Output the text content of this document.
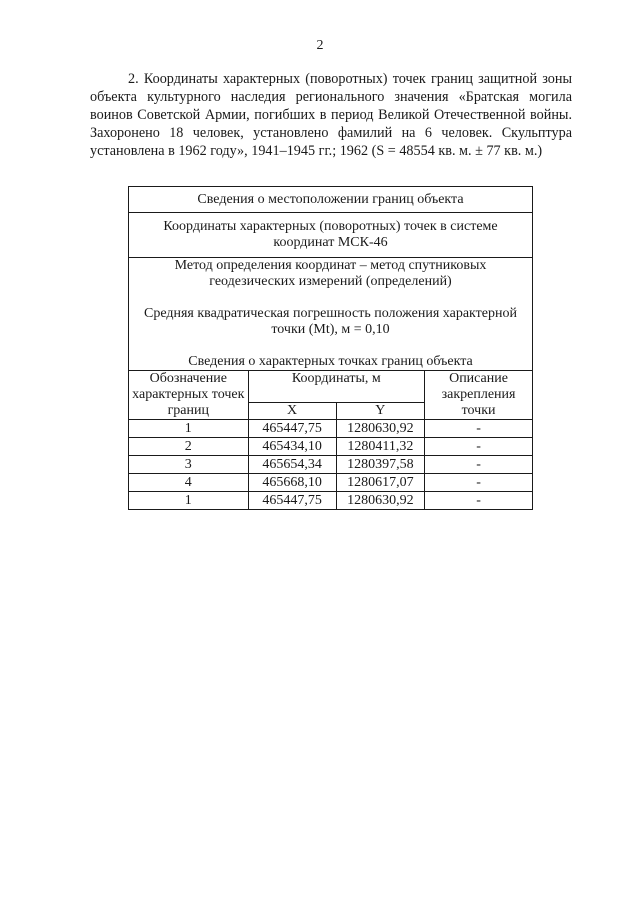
2

2. Координаты характерных (поворотных) точек границ защитной зоны объекта культурного наследия регионального значения «Братская могила воинов Советской Армии, погибших в период Великой Отечественной войны. Захоронено 18 человек, установлено фамилий на 6 человек. Скульптура установлена в 1962 году», 1941–1945 гг.; 1962 (S = 48554 кв. м. ± 77 кв. м.)

Сведения о местоположении границ объекта			
Координаты характерных (поворотных) точек в системе координат МСК-46			

Метод определения координат – метод спутниковых геодезических измерений (определений)

Средняя квадратическая погрешность положения характерной точки (Mt), м = 0,10

Сведения о характерных точках границ объекта			

Обозначение характерных точек границ	Координаты, м		Описание закрепления точки
	X	Y	
1	465447,75	1280630,92	-
2	465434,10	1280411,32	-
3	465654,34	1280397,58	-
4	465668,10	1280617,07	-
1	465447,75	1280630,92	-
